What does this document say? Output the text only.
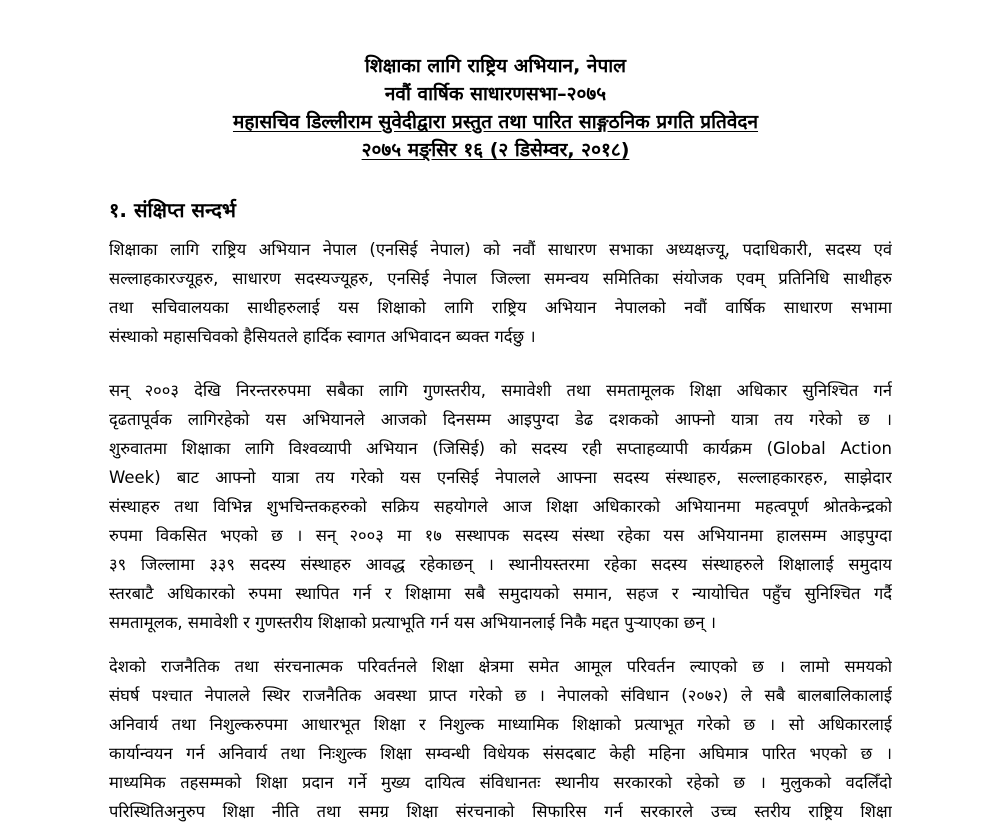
शिक्षाका लागि राष्ट्रिय अभियान, नेपाल
नवौं वार्षिक साधारणसभा–२०७५
महासचिव डिल्लीराम सुवेदीद्वारा प्रस्तुत तथा पारित साङ्गठनिक प्रगति प्रतिवेदन
२०७५ मङ्सिर १६ (२ डिसेम्वर, २०१८)
१. संक्षिप्त सन्दर्भ
शिक्षाका लागि राष्ट्रिय अभियान नेपाल (एनसिई नेपाल) को नवौं साधारण सभाका अध्यक्षज्यू, पदाधिकारी, सदस्य एवं
सल्लाहकारज्यूहरु, साधारण सदस्यज्यूहरु, एनसिई नेपाल जिल्ला समन्वय समितिका संयोजक एवम् प्रतिनिधि साथीहरु
तथा सचिवालयका साथीहरुलाई यस शिक्षाको लागि राष्ट्रिय अभियान नेपालको नवौं वार्षिक साधारण सभामा
संस्थाको महासचिवको हैसियतले हार्दिक स्वागत अभिवादन ब्यक्त गर्दछु ।
सन् २००३ देखि निरन्तररुपमा सबैका लागि गुणस्तरीय, समावेशी तथा समतामूलक शिक्षा अधिकार सुनिश्चित गर्न
दृढतापूर्वक लागिरहेको यस अभियानले आजको दिनसम्म आइपुग्दा डेढ दशकको आफ्नो यात्रा तय गरेको छ ।
शुरुवातमा शिक्षाका लागि विश्वव्यापी अभियान (जिसिई) को सदस्य रही सप्ताहव्यापी कार्यक्रम (Global Action
Week) बाट आफ्नो यात्रा तय गरेको यस एनसिई नेपालले आफ्ना सदस्य संस्थाहरु, सल्लाहकारहरु, साझेदार
संस्थाहरु तथा विभिन्न शुभचिन्तकहरुको सक्रिय सहयोगले आज शिक्षा अधिकारको अभियानमा महत्वपूर्ण श्रोतकेन्द्रको
रुपमा विकसित भएको छ । सन् २००३ मा १७ सस्थापक सदस्य संस्था रहेका यस अभियानमा हालसम्म आइपुग्दा
३९ जिल्लामा ३३९ सदस्य संस्थाहरु आवद्ध रहेकाछन् । स्थानीयस्तरमा रहेका सदस्य संस्थाहरुले शिक्षालाई समुदाय
स्तरबाटै अधिकारको रुपमा स्थापित गर्न र शिक्षामा सबै समुदायको समान, सहज र न्यायोचित पहुँच सुनिश्चित गर्दै
समतामूलक, समावेशी र गुणस्तरीय शिक्षाको प्रत्याभूति गर्न यस अभियानलाई निकै मद्दत पुर्‍याएका छन् ।
देशको राजनैतिक तथा संरचनात्मक परिवर्तनले शिक्षा क्षेत्रमा समेत आमूल परिवर्तन ल्याएको छ । लामो समयको
संघर्ष पश्चात नेपालले स्थिर राजनैतिक अवस्था प्राप्त गरेको छ । नेपालको संविधान (२०७२) ले सबै बालबालिकालाई
अनिवार्य तथा निशुल्करुपमा आधारभूत शिक्षा र निशुल्क माध्यामिक शिक्षाको प्रत्याभूत गरेको छ । सो अधिकारलाई
कार्यान्वयन गर्न अनिवार्य तथा निःशुल्क शिक्षा सम्वन्धी विधेयक संसदबाट केही महिना अघिमात्र पारित भएको छ ।
माध्यमिक तहसम्मको शिक्षा प्रदान गर्ने मुख्य दायित्व संविधानतः स्थानीय सरकारको रहेको छ । मुलुकको वदलिँदो
परिस्थितिअनुरुप शिक्षा नीति तथा समग्र शिक्षा संरचनाको सिफारिस गर्न सरकारले उच्च स्तरीय राष्ट्रिय शिक्षा
